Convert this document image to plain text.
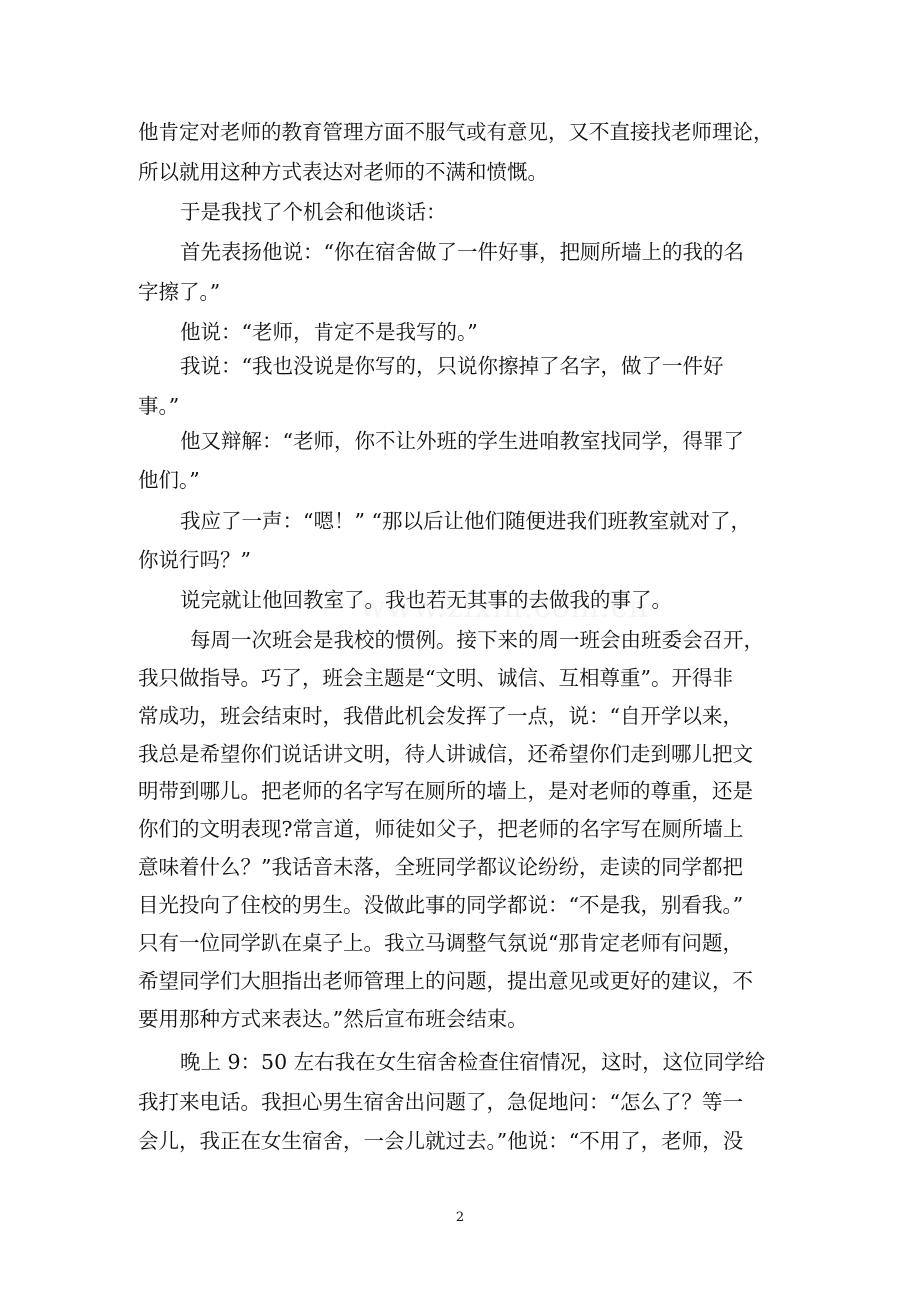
他肯定对老师的教育管理方面不服气或有意见，又不直接找老师理论，

所以就用这种方式表达对老师的不满和愤慨。

于是我找了个机会和他谈话：

首先表扬他说：“你在宿舍做了一件好事，把厕所墙上的我的名

字擦了。”

他说：“老师，肯定不是我写的。”

我说：“我也没说是你写的，只说你擦掉了名字，做了一件好

事。”

他又辩解：“老师，你不让外班的学生进咱教室找同学，得罪了

他们。”

我应了一声：“嗯！” “那以后让他们随便进我们班教室就对了，

你说行吗？”

说完就让他回教室了。我也若无其事的去做我的事了。

每周一次班会是我校的惯例。接下来的周一班会由班委会召开，

我只做指导。巧了，班会主题是“文明、诚信、互相尊重”。开得非

常成功，班会结束时，我借此机会发挥了一点，说：“自开学以来，

我总是希望你们说话讲文明，待人讲诚信，还希望你们走到哪儿把文

明带到哪儿。把老师的名字写在厕所的墙上，是对老师的尊重，还是

你们的文明表现?常言道，师徒如父子，把老师的名字写在厕所墙上

意味着什么？”我话音未落，全班同学都议论纷纷，走读的同学都把

目光投向了住校的男生。没做此事的同学都说：“不是我，别看我。”

只有一位同学趴在桌子上。我立马调整气氛说“那肯定老师有问题，

希望同学们大胆指出老师管理上的问题，提出意见或更好的建议，不

要用那种方式来表达。”然后宣布班会结束。

晚上 9：50 左右我在女生宿舍检查住宿情况，这时，这位同学给

我打来电话。我担心男生宿舍出问题了，急促地问：“怎么了？等一

会儿，我正在女生宿舍，一会儿就过去。”他说：“不用了，老师，没

2
